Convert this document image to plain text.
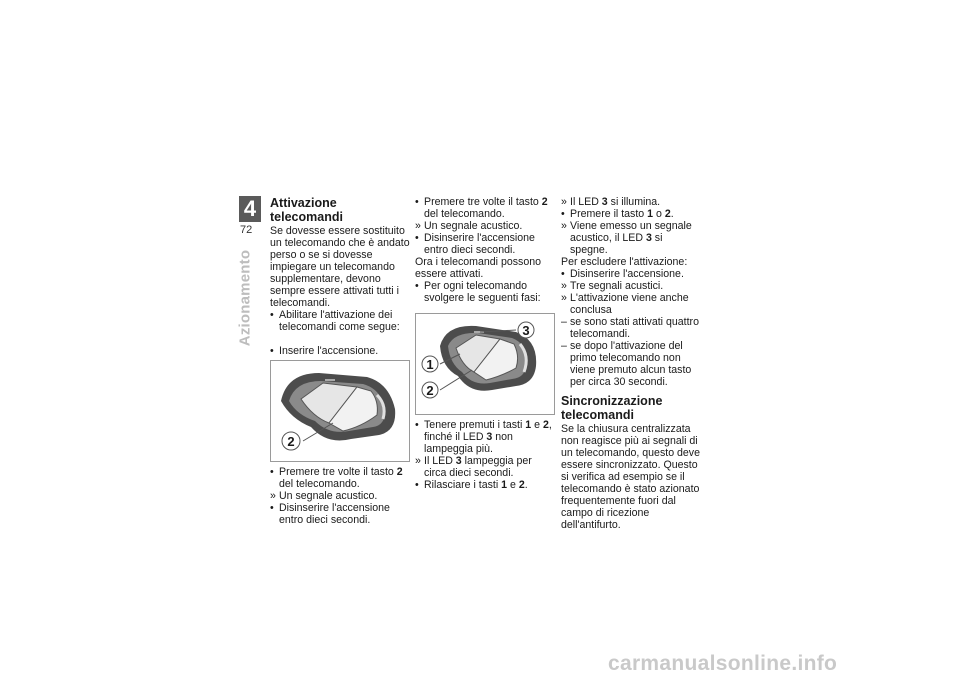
4
72
Azionamento
Attivazione telecomandi

Se dovesse essere sostituito un telecomando che è andato perso o se si dovesse impiegare un telecomando supplementare, devono sempre essere attivati tutti i telecomandi.

• Abilitare l'attivazione dei telecomandi come segue:
• Inserire l'accensione.
2
• Premere tre volte il tasto 2 del telecomando.
» Un segnale acustico.
• Disinserire l'accensione entro dieci secondi.
• Premere tre volte il tasto 2 del telecomando.
» Un segnale acustico.
• Disinserire l'accensione entro dieci secondi.

Ora i telecomandi possono essere attivati.

• Per ogni telecomando svolgere le seguenti fasi:
3
1
2
• Tenere premuti i tasti 1 e 2, finché il LED 3 non lampeggia più.
» Il LED 3 lampeggia per circa dieci secondi.
• Rilasciare i tasti 1 e 2.
» Il LED 3 si illumina.
• Premere il tasto 1 o 2.
» Viene emesso un segnale acustico, il LED 3 si spegne.

Per escludere l'attivazione:

• Disinserire l'accensione.
» Tre segnali acustici.
» L'attivazione viene anche conclusa
– se sono stati attivati quattro telecomandi.
– se dopo l'attivazione del primo telecomando non viene premuto alcun tasto per circa 30 secondi.
Sincronizzazione telecomandi

Se la chiusura centralizzata non reagisce più ai segnali di un telecomando, questo deve essere sincronizzato. Questo si verifica ad esempio se il telecomando è stato azionato frequentemente fuori dal campo di ricezione dell'antifurto.

carmanualsonline.info
